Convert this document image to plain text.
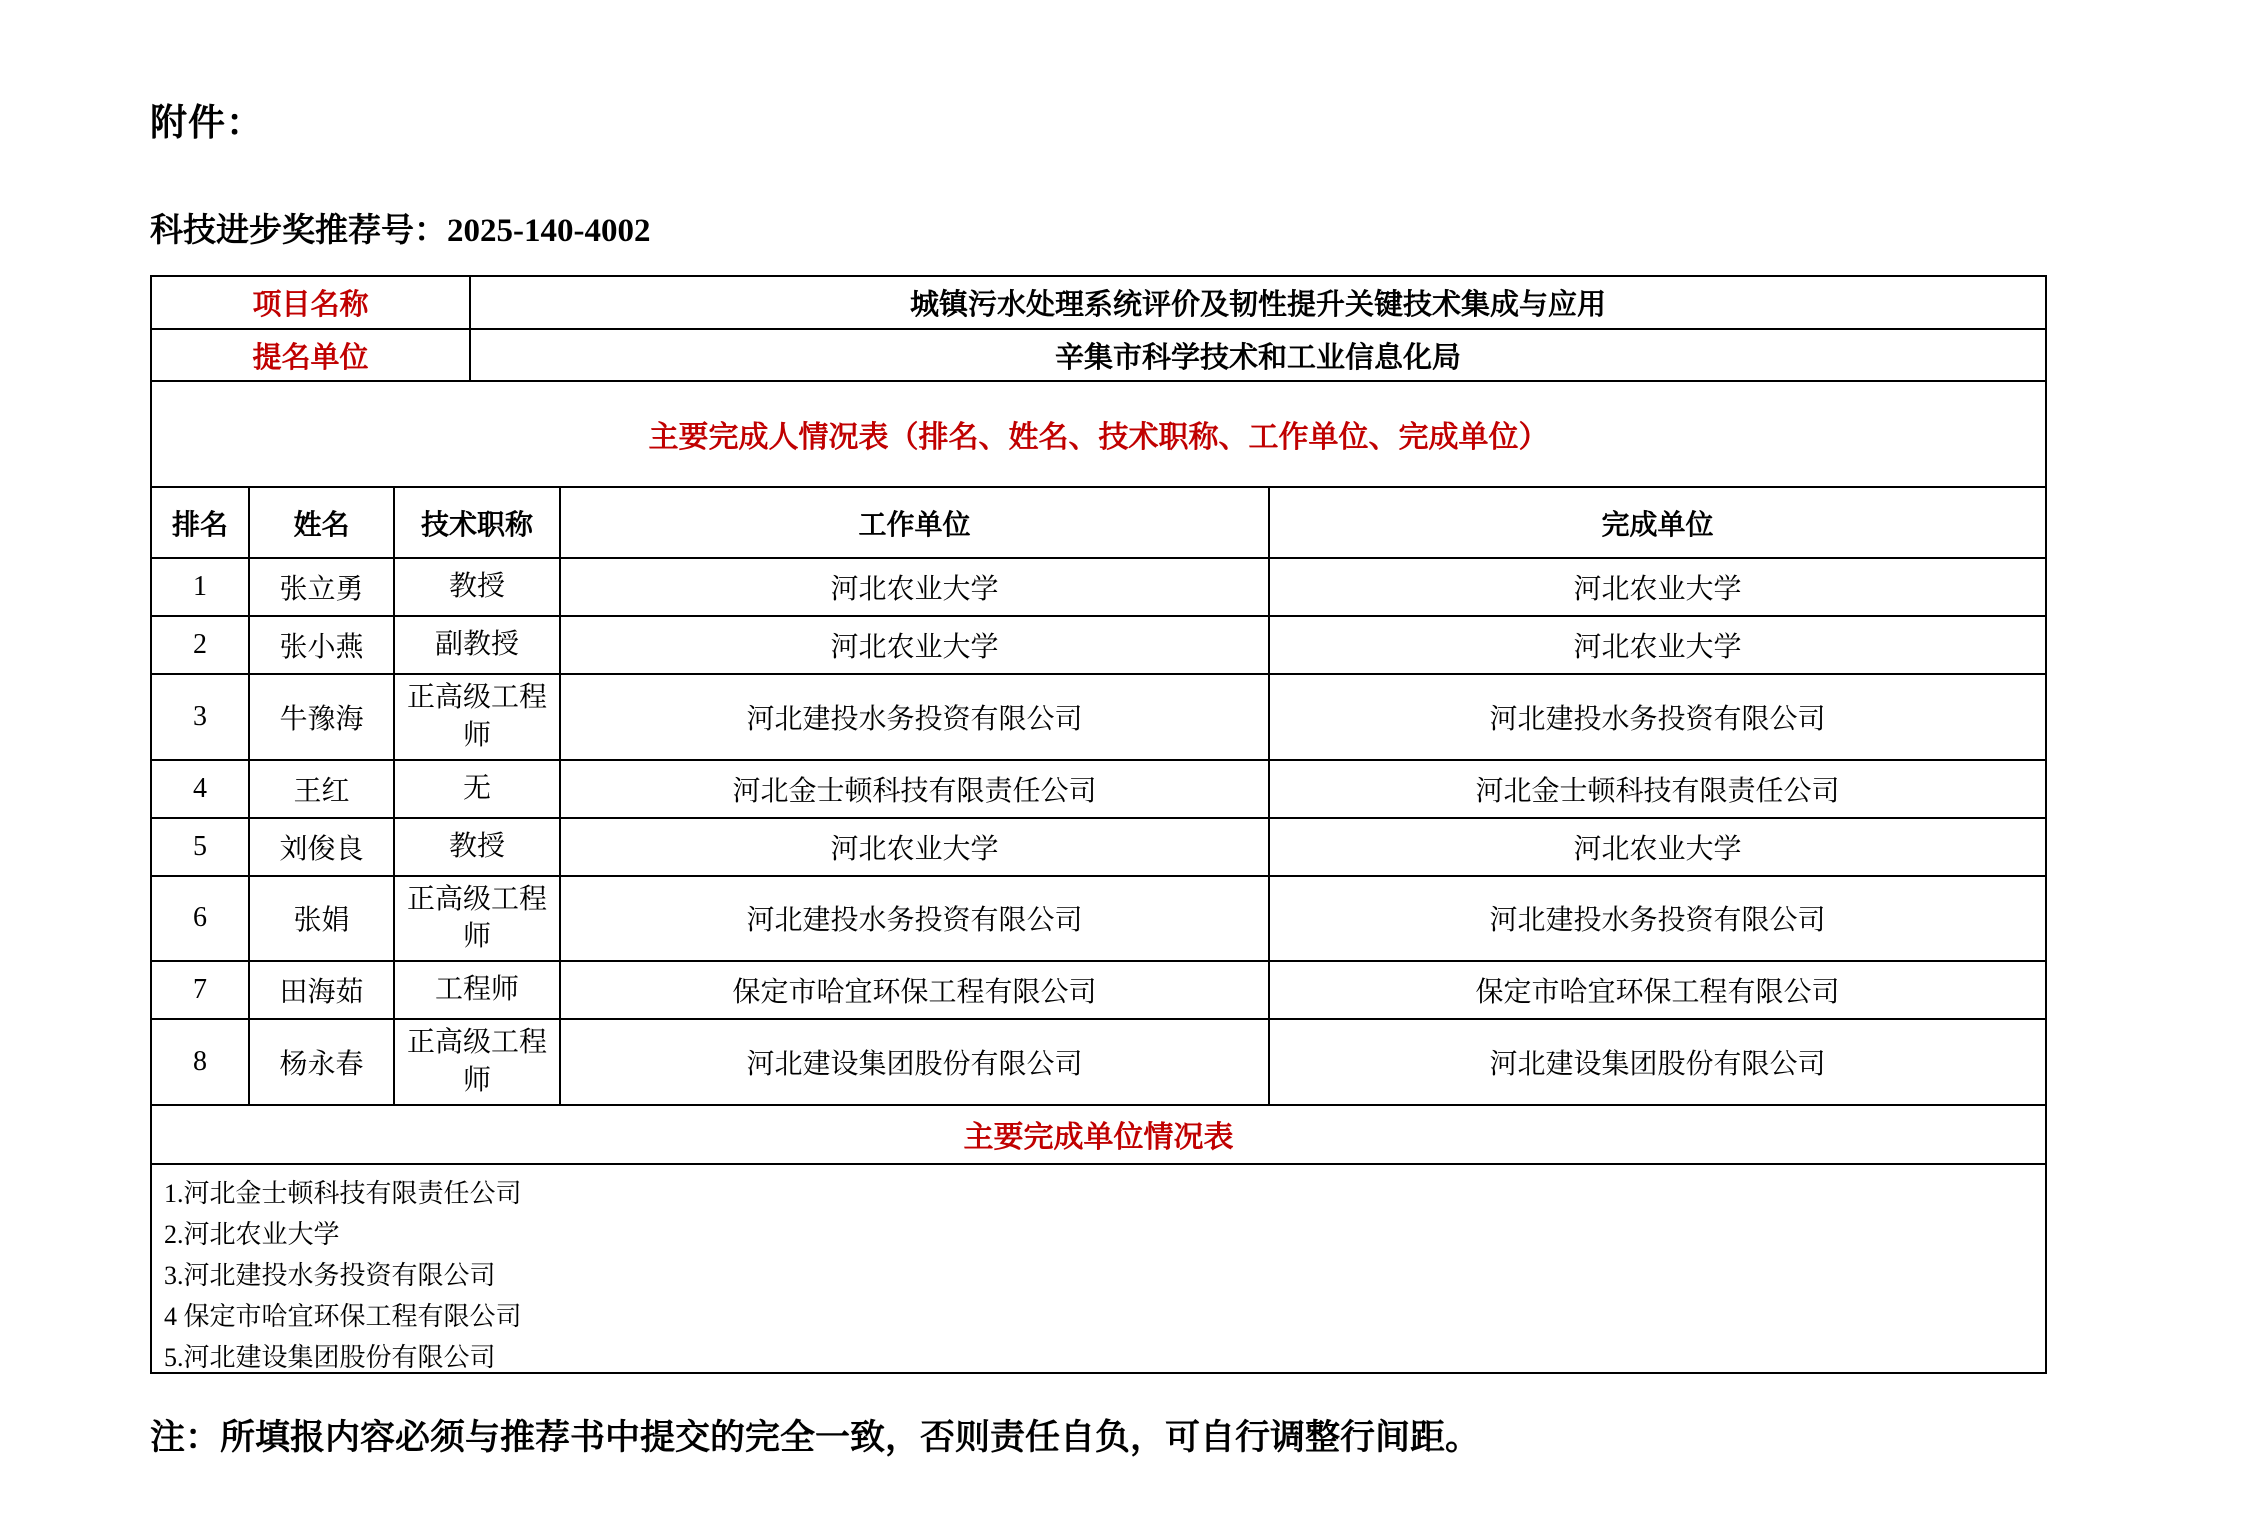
附件：
科技进步奖推荐号：2025-140-4002
项目名称	城镇污水处理系统评价及韧性提升关键技术集成与应用
提名单位	辛集市科学技术和工业信息化局
主要完成人情况表（排名、姓名、技术职称、工作单位、完成单位）
排名	姓名	技术职称	工作单位	完成单位
1	张立勇	教授	河北农业大学	河北农业大学
2	张小燕	副教授	河北农业大学	河北农业大学
3	牛豫海	正高级工程师	河北建投水务投资有限公司	河北建投水务投资有限公司
4	王红	无	河北金士顿科技有限责任公司	河北金士顿科技有限责任公司
5	刘俊良	教授	河北农业大学	河北农业大学
6	张娟	正高级工程师	河北建投水务投资有限公司	河北建投水务投资有限公司
7	田海茹	工程师	保定市哈宜环保工程有限公司	保定市哈宜环保工程有限公司
8	杨永春	正高级工程师	河北建设集团股份有限公司	河北建设集团股份有限公司
主要完成单位情况表
1.河北金士顿科技有限责任公司
2.河北农业大学
3.河北建投水务投资有限公司
4 保定市哈宜环保工程有限公司
5.河北建设集团股份有限公司
注：所填报内容必须与推荐书中提交的完全一致，否则责任自负，可自行调整行间距。
